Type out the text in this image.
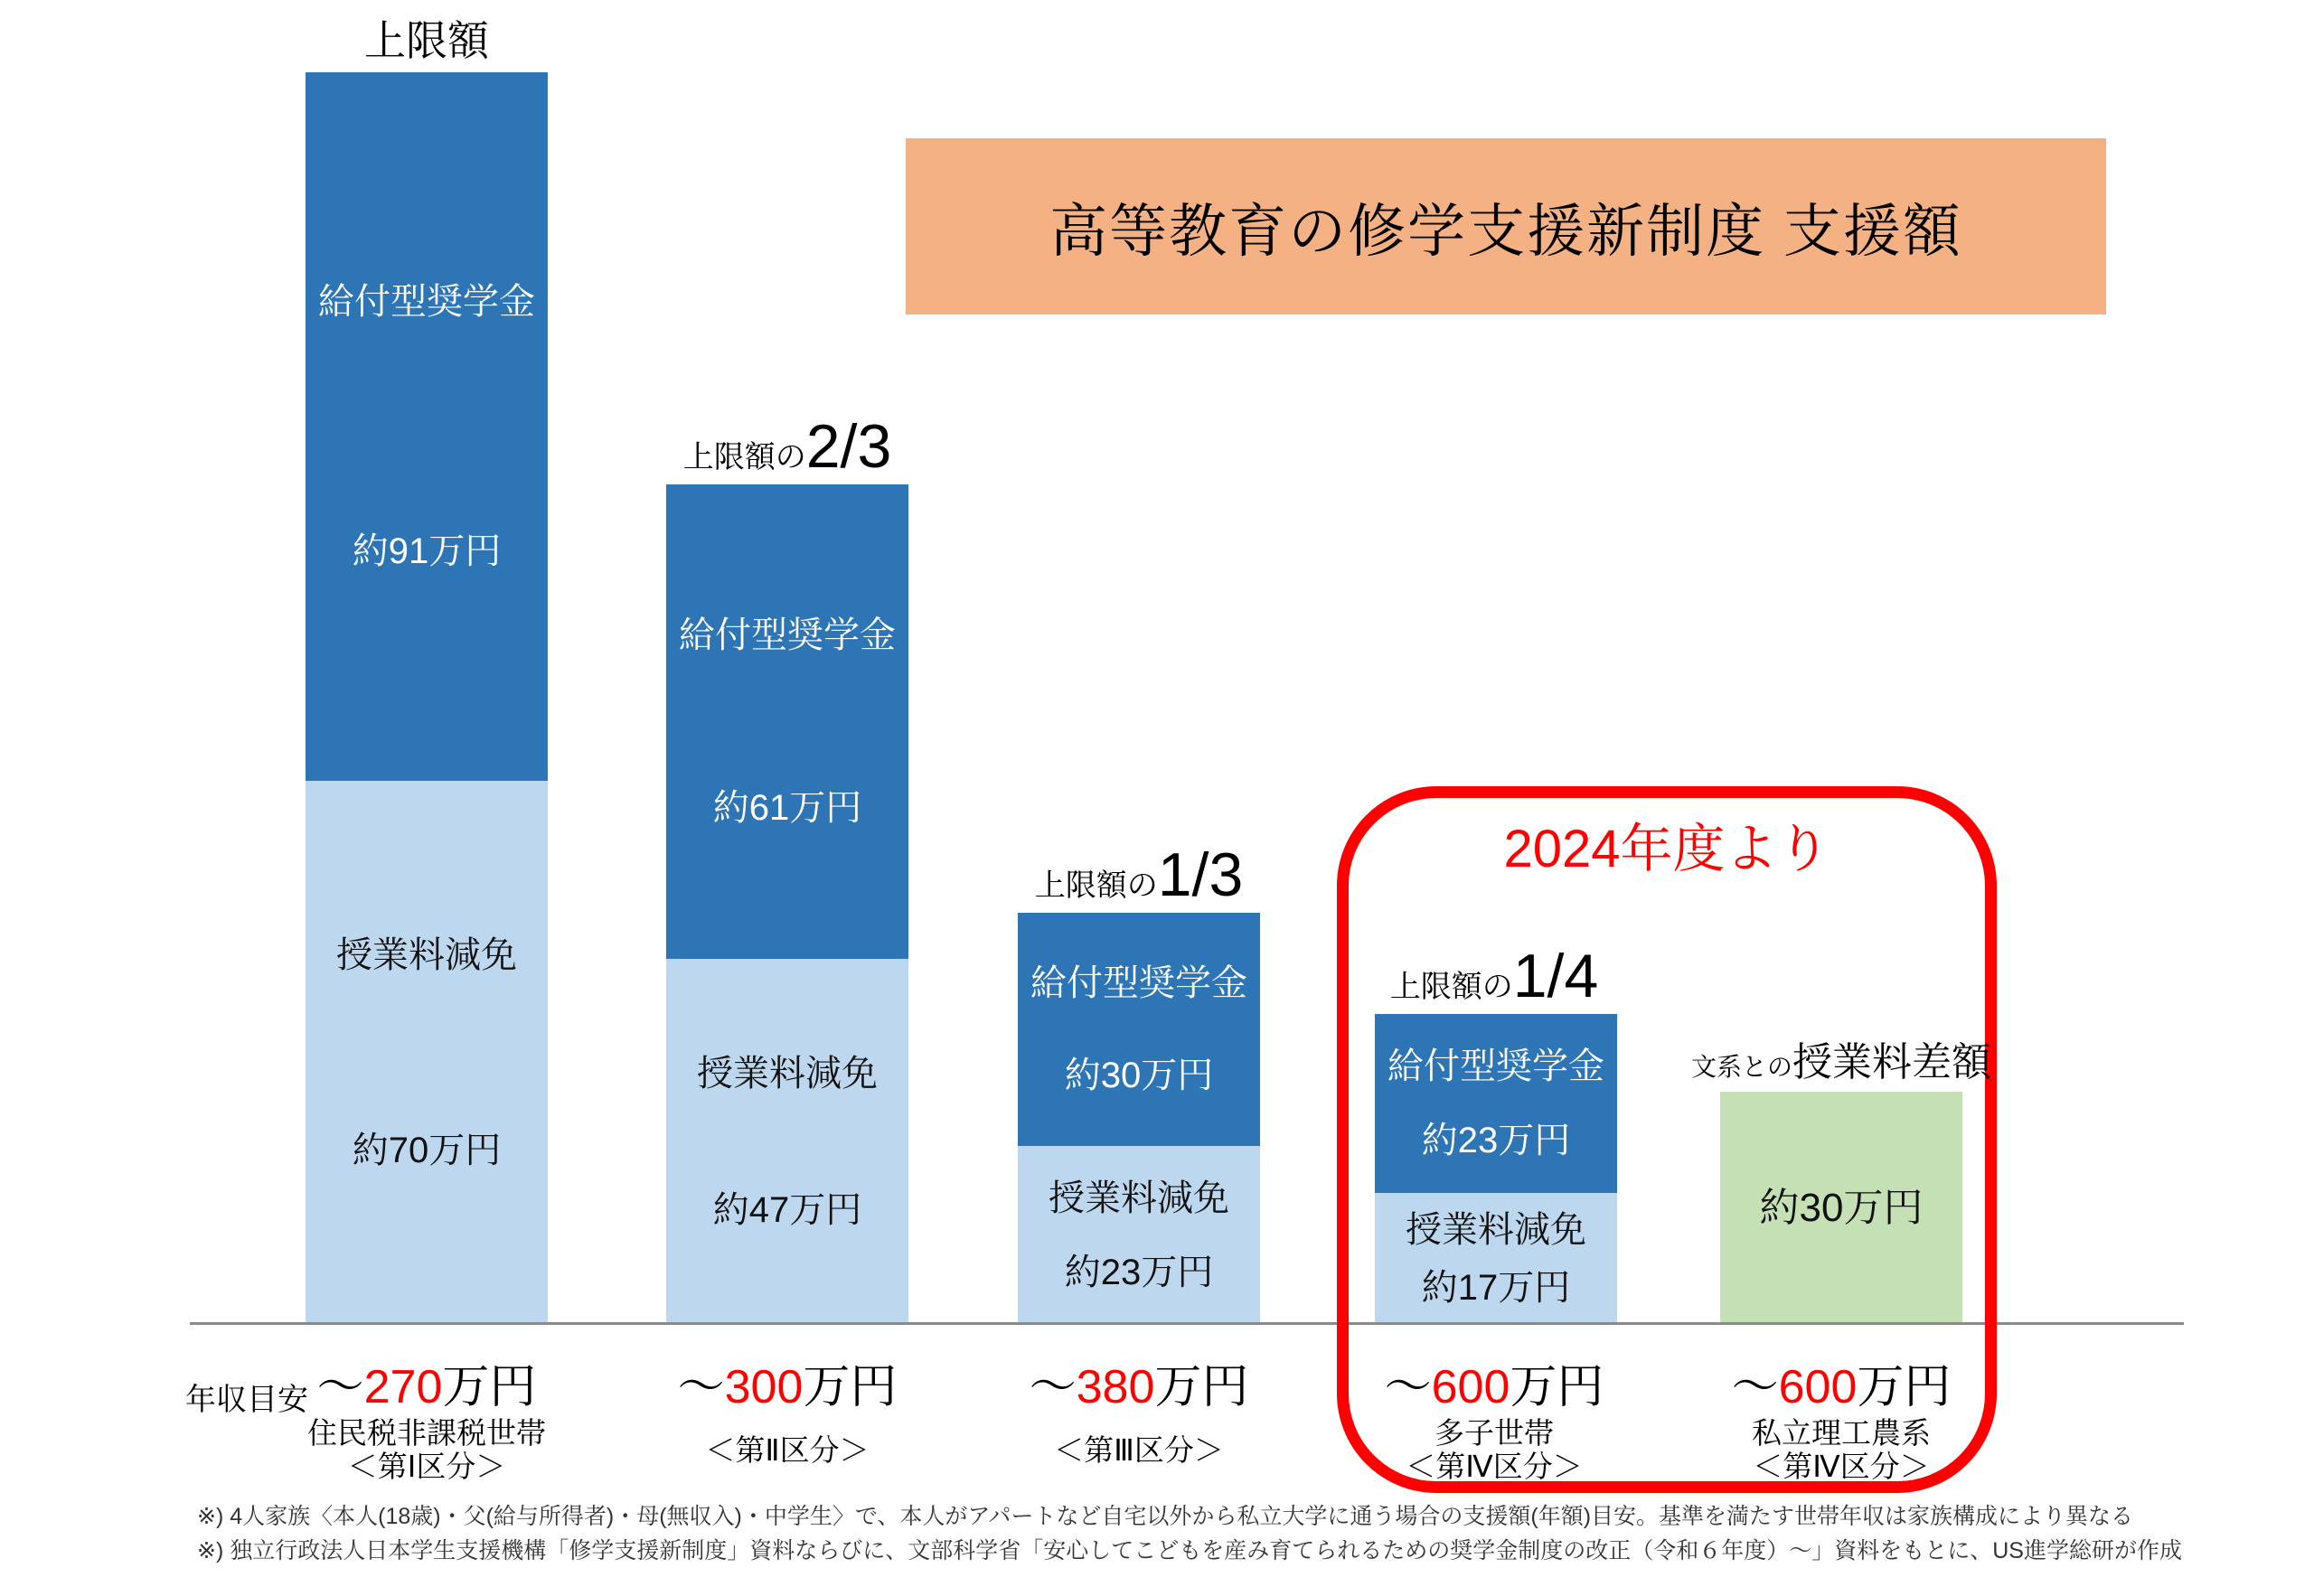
高等教育の修学支援新制度 支援額
上限額
給付型奨学金
約91万円
授業料減免
約70万円
～ 270 万円
住民税非課税世帯
＜第Ⅰ区分＞
上限額の2/3
給付型奨学金
約61万円
授業料減免
約47万円
～ 300 万円
＜第Ⅱ区分＞
上限額の1/3
給付型奨学金
約30万円
授業料減免
約23万円
～ 380 万円
＜第Ⅲ区分＞
上限額の1/4
給付型奨学金
約23万円
授業料減免
約17万円
～ 600 万円
多子世帯
＜第Ⅳ区分＞
文系との授業料差額
約30万円
～ 600 万円
私立理工農系
＜第Ⅳ区分＞
年収目安
2024年度より
※) 4人家族〈本人(18歳)・父(給与所得者)・母(無収入)・中学生〉で、本人がアパートなど自宅以外から私立大学に通う場合の支援額(年額)目安。基準を満たす世帯年収は家族構成により異なる
※) 独立行政法人日本学生支援機構「修学支援新制度」資料ならびに、文部科学省「安心してこどもを産み育てられるための奨学金制度の改正（令和６年度）～」資料をもとに、US進学総研が作成
